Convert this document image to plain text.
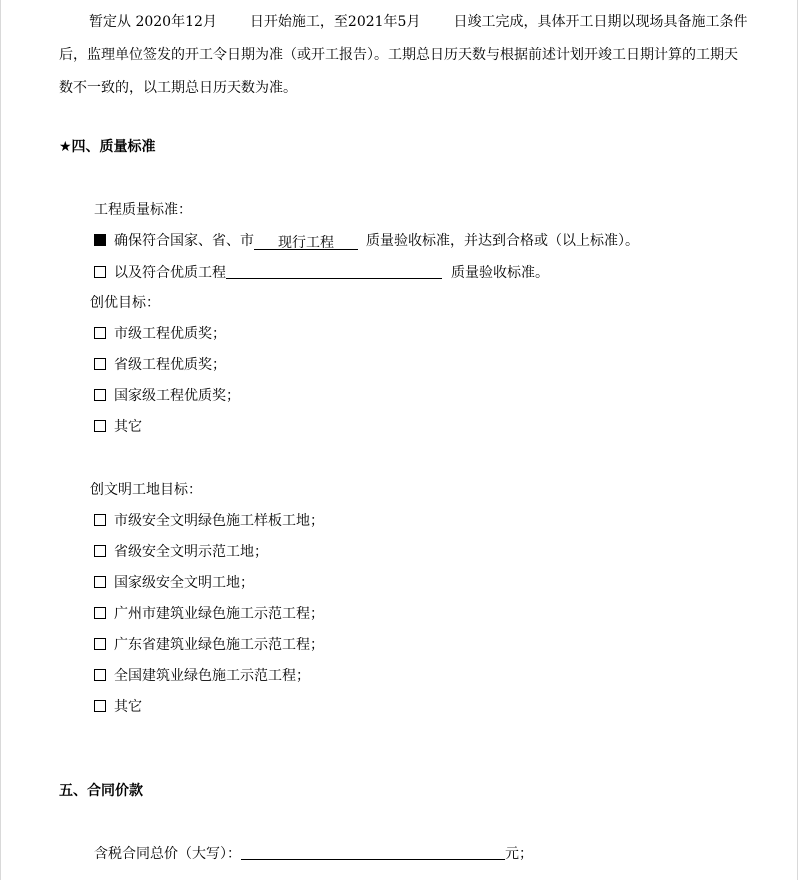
暂定从 2020年12月 日开始施工，至2021年5月 日竣工完成，具体开工日期以现场具备施工条件后，监理单位签发的开工令日期为准（或开工报告）。工期总日历天数与根据前述计划开竣工日期计算的工期天数不一致的，以工期总日历天数为准。
★四、质量标准
工程质量标准：
确保符合国家、省、市 现行工程 质量验收标准，并达到合格或（以上标准）。
以及符合优质工程	质量验收标准。
创优目标：
市级工程优质奖；
省级工程优质奖；
国家级工程优质奖；
其它
创文明工地目标：
市级安全文明绿色施工样板工地；
省级安全文明示范工地；
国家级安全文明工地；
广州市建筑业绿色施工示范工程；
广东省建筑业绿色施工示范工程；
全国建筑业绿色施工示范工程；
其它
五、合同价款
含税合同总价（大写）：	元；
